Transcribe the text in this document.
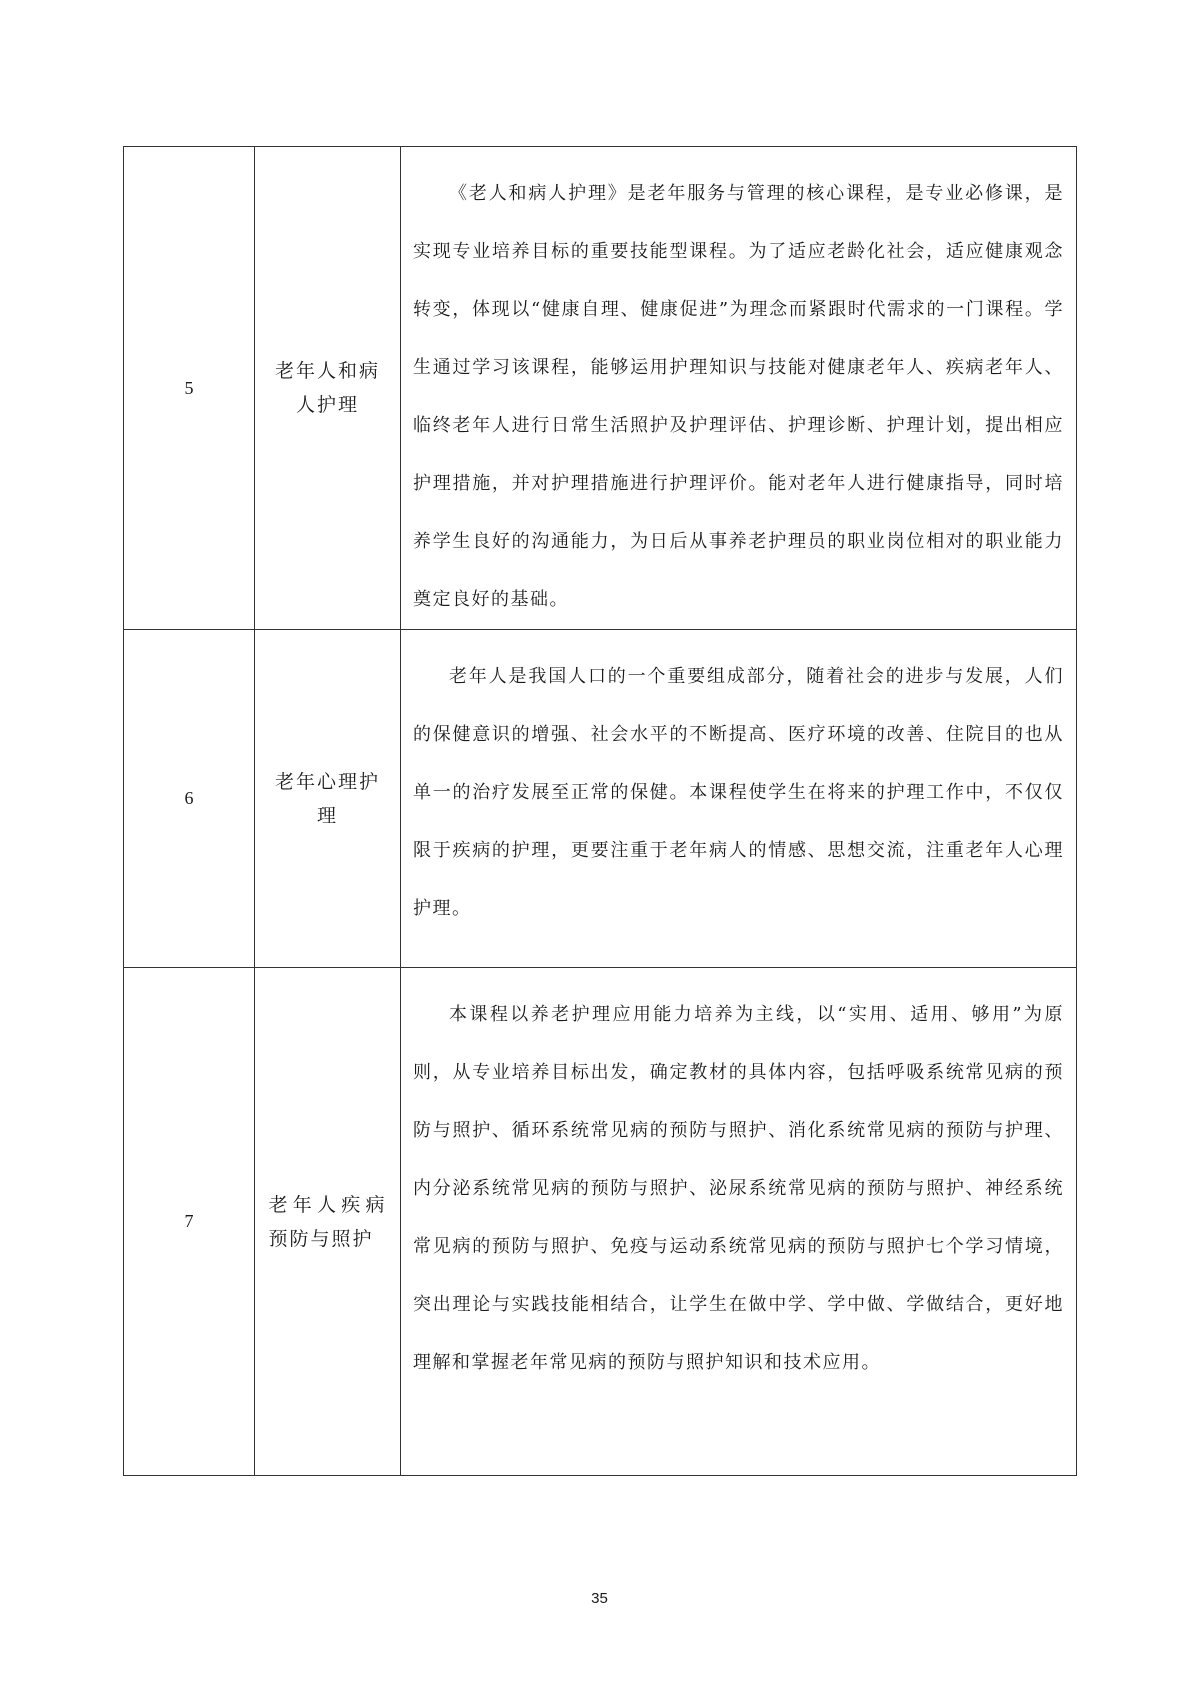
5	老年人和病人护理	《老人和病人护理》是老年服务与管理的核心课程，是专业必修课，是实现专业培养目标的重要技能型课程。为了适应老龄化社会，适应健康观念转变，体现以“健康自理、健康促进”为理念而紧跟时代需求的一门课程。学生通过学习该课程，能够运用护理知识与技能对健康老年人、疾病老年人、临终老年人进行日常生活照护及护理评估、护理诊断、护理计划，提出相应护理措施，并对护理措施进行护理评价。能对老年人进行健康指导，同时培养学生良好的沟通能力，为日后从事养老护理员的职业岗位相对的职业能力奠定良好的基础。

6	老年心理护理	老年人是我国人口的一个重要组成部分，随着社会的进步与发展，人们的保健意识的增强、社会水平的不断提高、医疗环境的改善、住院目的也从单一的治疗发展至正常的保健。本课程使学生在将来的护理工作中，不仅仅限于疾病的护理，更要注重于老年病人的情感、思想交流，注重老年人心理护理。

7	老年人疾病预防与照护	本课程以养老护理应用能力培养为主线，以“实用、适用、够用”为原则，从专业培养目标出发，确定教材的具体内容，包括呼吸系统常见病的预防与照护、循环系统常见病的预防与照护、消化系统常见病的预防与护理、内分泌系统常见病的预防与照护、泌尿系统常见病的预防与照护、神经系统常见病的预防与照护、免疫与运动系统常见病的预防与照护七个学习情境，突出理论与实践技能相结合，让学生在做中学、学中做、学做结合，更好地理解和掌握老年常见病的预防与照护知识和技术应用。
35
